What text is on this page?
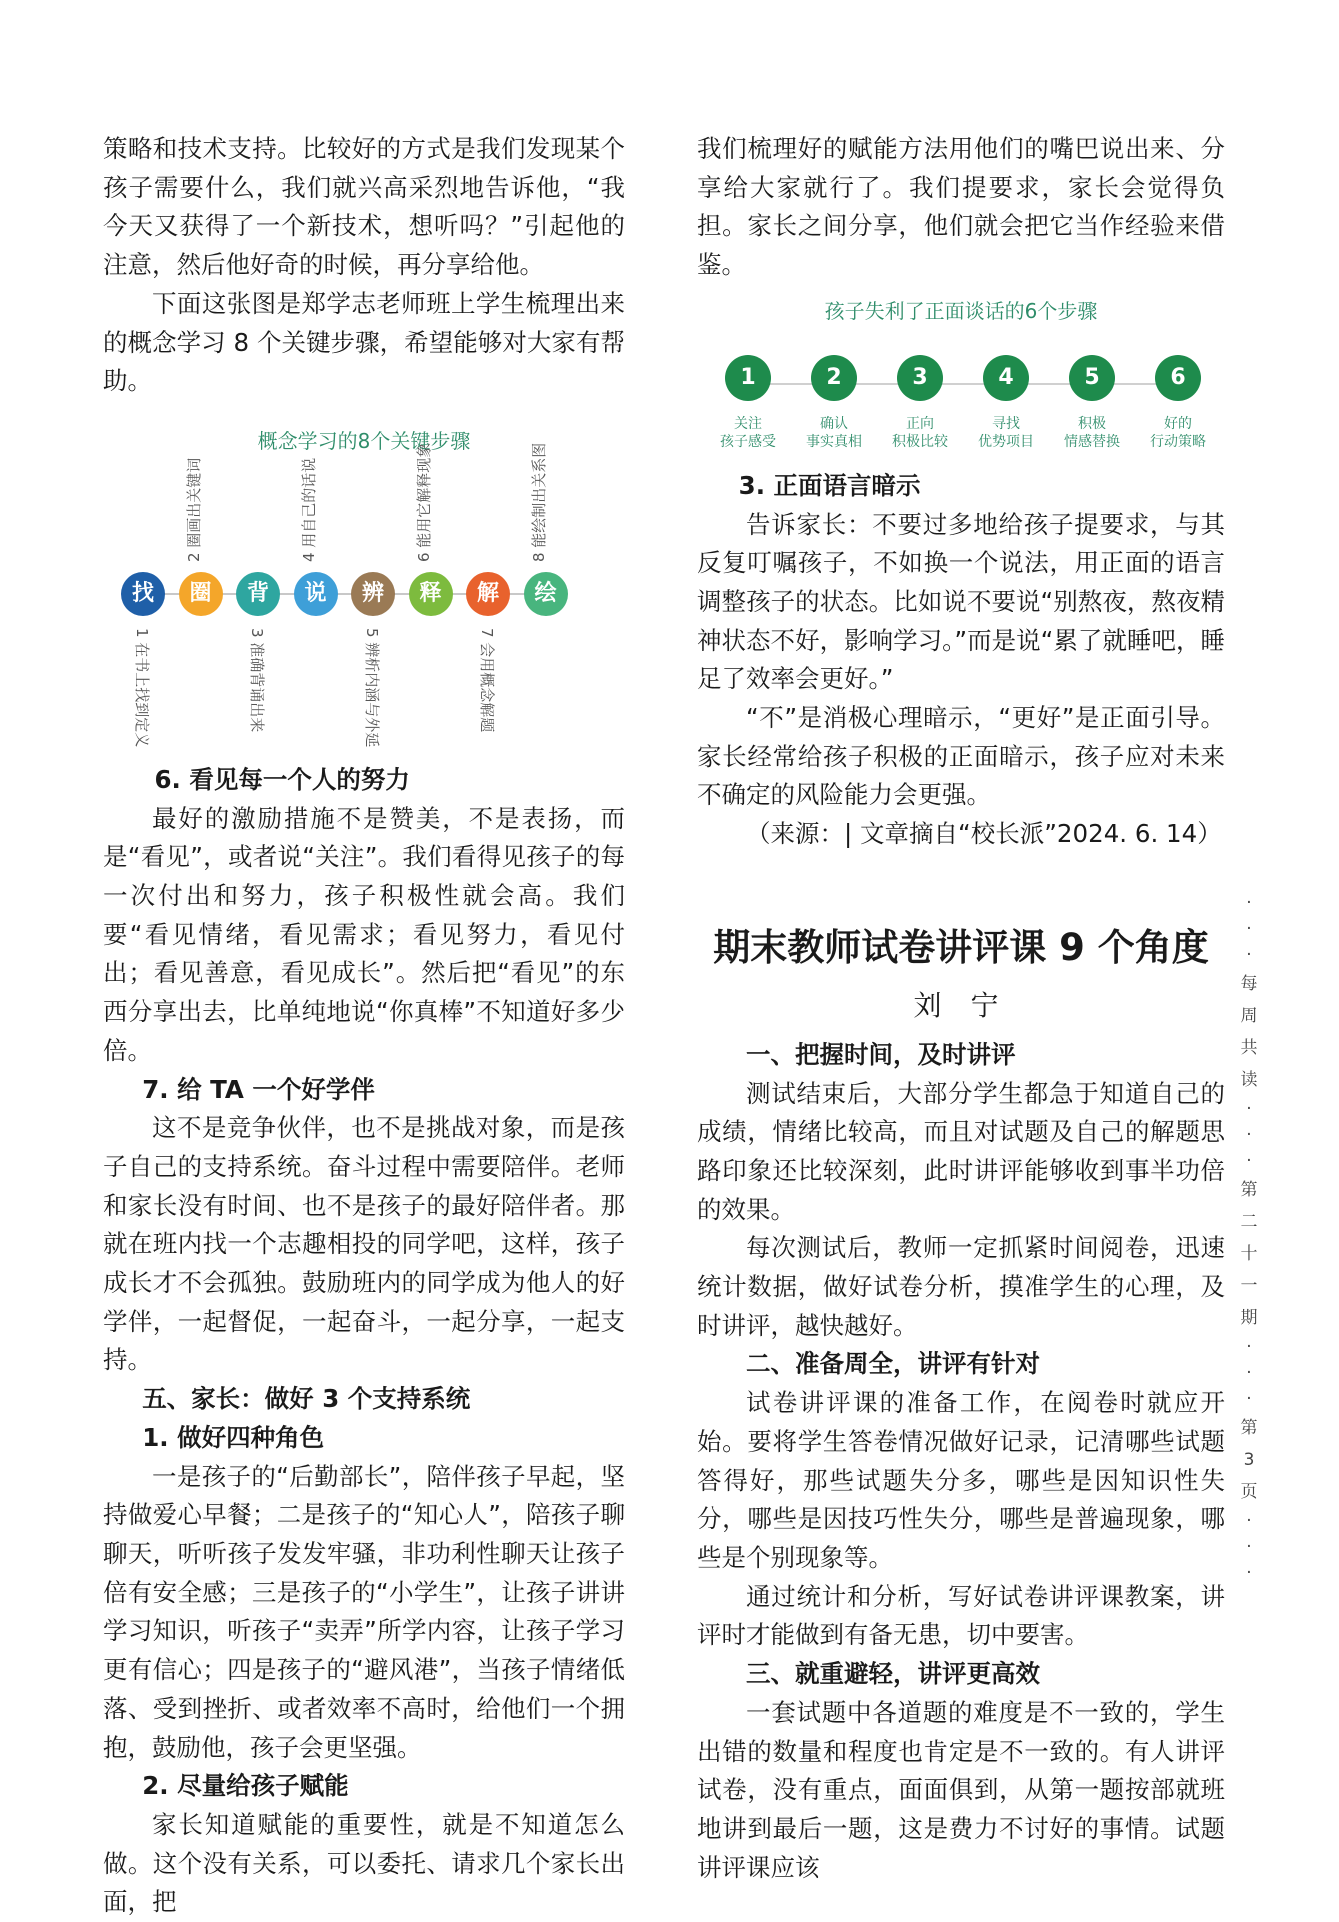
策略和技术支持。比较好的方式是我们发现某个孩子需要什么，我们就兴高采烈地告诉他，“我今天又获得了一个新技术，想听吗？”引起他的注意，然后他好奇的时候，再分享给他。

下面这张图是郑学志老师班上学生梳理出来的概念学习 8 个关键步骤，希望能够对大家有帮助。

概念学习的8个关键步骤
找
1 在书上找到定义
圈
2 圈画出关键词
背
3 准确背诵出来
说
4 用自己的话说
辨
5 辨析内涵与外延
释
6 能用它解释现象
解
7 会用概念解题
绘
8 能绘制出关系图
6. 看见每一个人的努力

最好的激励措施不是赞美，不是表扬，而是“看见”，或者说“关注”。我们看得见孩子的每一次付出和努力，孩子积极性就会高。我们要“看见情绪，看见需求；看见努力，看见付出；看见善意，看见成长”。然后把“看见”的东西分享出去，比单纯地说“你真棒”不知道好多少倍。

7. 给 TA 一个好学伴

这不是竞争伙伴，也不是挑战对象，而是孩子自己的支持系统。奋斗过程中需要陪伴。老师和家长没有时间、也不是孩子的最好陪伴者。那就在班内找一个志趣相投的同学吧，这样，孩子成长才不会孤独。鼓励班内的同学成为他人的好学伴，一起督促，一起奋斗，一起分享，一起支持。

五、家长：做好 3 个支持系统
1. 做好四种角色

一是孩子的“后勤部长”，陪伴孩子早起，坚持做爱心早餐；二是孩子的“知心人”，陪孩子聊聊天，听听孩子发发牢骚，非功利性聊天让孩子倍有安全感；三是孩子的“小学生”，让孩子讲讲学习知识，听孩子“卖弄”所学内容，让孩子学习更有信心；四是孩子的“避风港”，当孩子情绪低落、受到挫折、或者效率不高时，给他们一个拥抱，鼓励他，孩子会更坚强。

2. 尽量给孩子赋能

家长知道赋能的重要性，就是不知道怎么做。这个没有关系，可以委托、请求几个家长出面，把

我们梳理好的赋能方法用他们的嘴巴说出来、分享给大家就行了。我们提要求，家长会觉得负担。家长之间分享，他们就会把它当作经验来借鉴。

孩子失利了正面谈话的6个步骤
1
关注
孩子感受
2
确认
事实真相
3
正向
积极比较
4
寻找
优势项目
5
积极
情感替换
6
好的
行动策略
3. 正面语言暗示

告诉家长：不要过多地给孩子提要求，与其反复叮嘱孩子，不如换一个说法，用正面的语言调整孩子的状态。比如说不要说“别熬夜，熬夜精神状态不好，影响学习。”而是说“累了就睡吧，睡足了效率会更好。”

“不”是消极心理暗示，“更好”是正面引导。家长经常给孩子积极的正面暗示，孩子应对未来不确定的风险能力会更强。

（来源：| 文章摘自“校长派”2024. 6. 14）
期末教师试卷讲评课 9 个角度
刘 宁
一、把握时间，及时讲评

测试结束后，大部分学生都急于知道自己的成绩，情绪比较高，而且对试题及自己的解题思路印象还比较深刻，此时讲评能够收到事半功倍的效果。

每次测试后，教师一定抓紧时间阅卷，迅速统计数据，做好试卷分析，摸准学生的心理，及时讲评，越快越好。

二、准备周全，讲评有针对

试卷讲评课的准备工作，在阅卷时就应开始。要将学生答卷情况做好记录，记清哪些试题答得好，那些试题失分多，哪些是因知识性失分，哪些是因技巧性失分，哪些是普遍现象，哪些是个别现象等。

通过统计和分析，写好试卷讲评课教案，讲评时才能做到有备无患，切中要害。

三、就重避轻，讲评更高效

一套试题中各道题的难度是不一致的，学生出错的数量和程度也肯定是不一致的。有人讲评试卷，没有重点，面面俱到，从第一题按部就班地讲到最后一题，这是费力不讨好的事情。试题讲评课应该

·
·
·
每
周
共
读
·
·
·
第
二
十
一
期
·
·
·
第
3
页
·
·
·
